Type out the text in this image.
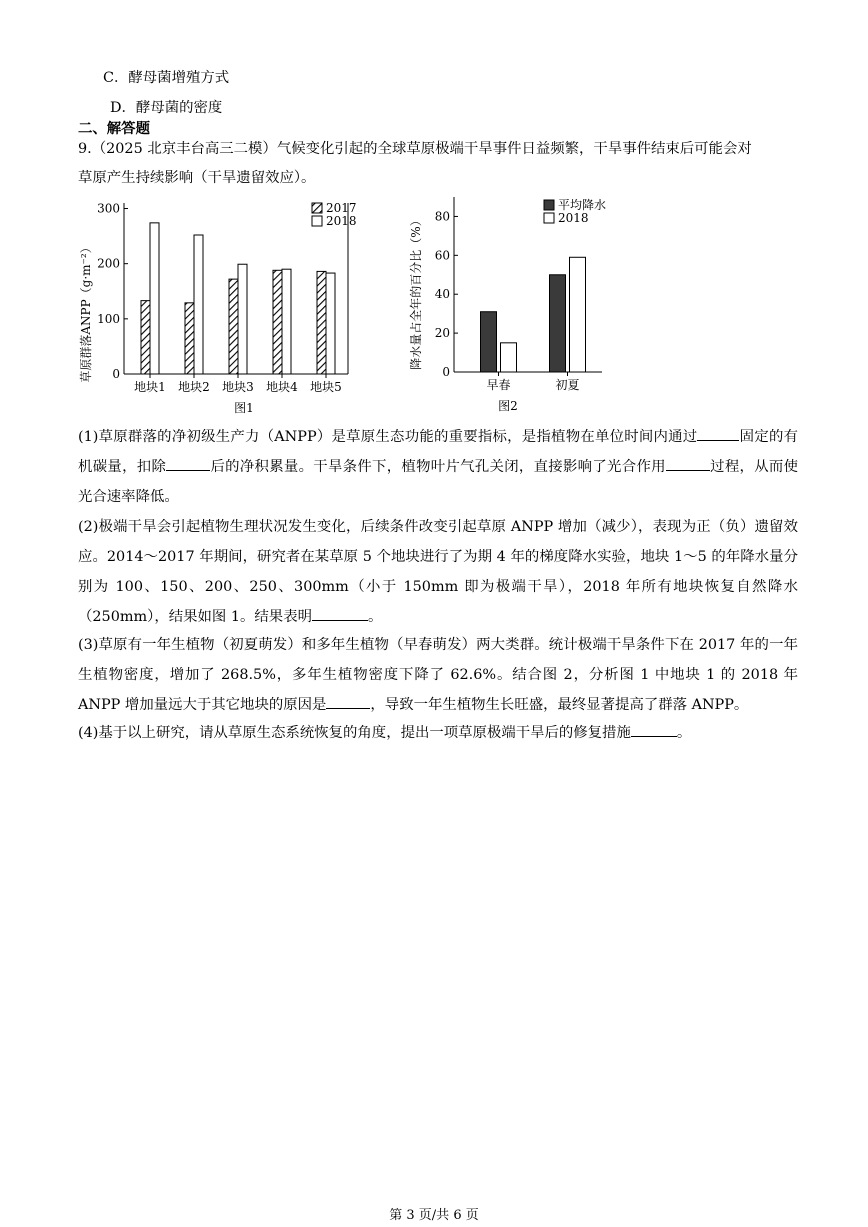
C．酵母菌增殖方式
D．酵母菌的密度
二、解答题
9.（2025 北京丰台高三二模）气候变化引起的全球草原极端干旱事件日益频繁，干旱事件结束后可能会对
草原产生持续影响（干旱遗留效应）。
草原群落ANPP（g·m⁻²） 0
100
200
300
地块1 地块2 地块3 地块4 地块5
2017
2018
图1
降水量占全年的百分比（%）
0
20
40
60
80
早春	初夏
平均降水
2018
图2
(1)草原群落的净初级生产力（ANPP）是草原生态功能的重要指标，是指植物在单位时间内通过	固定的有机碳量，扣除	后的净积累量。干旱条件下，植物叶片气孔关闭，直接影响了光合作用	过程，从而使光合速率降低。
(2)极端干旱会引起植物生理状况发生变化，后续条件改变引起草原 ANPP 增加（减少），表现为正（负）遗留效应。2014～2017 年期间，研究者在某草原 5 个地块进行了为期 4 年的梯度降水实验，地块 1～5 的年降水量分别为 100、150、200、250、300mm（小于 150mm 即为极端干旱），2018 年所有地块恢复自然降水（250mm），结果如图 1。结果表明	。
(3)草原有一年生植物（初夏萌发）和多年生植物（早春萌发）两大类群。统计极端干旱条件下在 2017 年的一年生植物密度，增加了 268.5%，多年生植物密度下降了 62.6%。结合图 2，分析图 1 中地块 1 的 2018 年 ANPP 增加量远大于其它地块的原因是	，导致一年生植物生长旺盛，最终显著提高了群落 ANPP。
(4)基于以上研究，请从草原生态系统恢复的角度，提出一项草原极端干旱后的修复措施	。
第 3 页/共 6 页
